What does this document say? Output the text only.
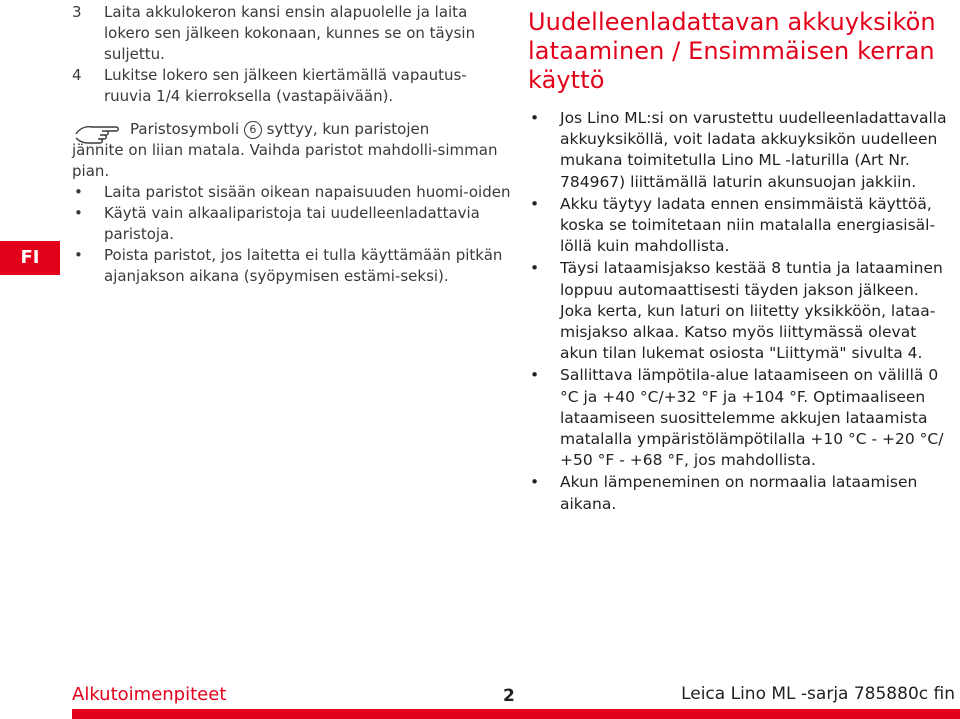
FI
3 Laita akkulokeron kansi ensin alapuolelle ja laita lokero sen jälkeen kokonaan, kunnes se on täysin suljettu.
4 Lukitse lokero sen jälkeen kiertämällä vapautus-ruuvia 1/4 kierroksella (vastapäivään).
Paristosymboli 6 syttyy, kun paristojen
jännite on liian matala. Vaihda paristot mahdolli-simman pian.
• Laita paristot sisään oikean napaisuuden huomi-oiden
• Käytä vain alkaaliparistoja tai uudelleenladattavia paristoja.
• Poista paristot, jos laitetta ei tulla käyttämään pitkän ajanjakson aikana (syöpymisen estämi-seksi).
Uudelleenladattavan akkuyksikön lataaminen / Ensimmäisen kerran käyttö
• Jos Lino ML:si on varustettu uudelleenladattavalla akkuyksiköllä, voit ladata akkuyksikön uudelleen mukana toimitetulla Lino ML -laturilla (Art Nr. 784967) liittämällä laturin akunsuojan jakkiin.
• Akku täytyy ladata ennen ensimmäistä käyttöä, koska se toimitetaan niin matalalla energiasisäl-löllä kuin mahdollista.
• Täysi lataamisjakso kestää 8 tuntia ja lataaminen loppuu automaattisesti täyden jakson jälkeen. Joka kerta, kun laturi on liitetty yksikköön, lataa-misjakso alkaa. Katso myös liittymässä olevat akun tilan lukemat osiosta "Liittymä" sivulta 4.
• Sallittava lämpötila-alue lataamiseen on välillä 0 °C ja +40 °C/+32 °F ja +104 °F. Optimaaliseen lataamiseen suosittelemme akkujen lataamista matalalla ympäristölämpötilalla +10 °C - +20 °C/ +50 °F - +68 °F, jos mahdollista.
• Akun lämpeneminen on normaalia lataamisen aikana.
Alkutoimenpiteet	2	Leica Lino ML -sarja 785880c fin
